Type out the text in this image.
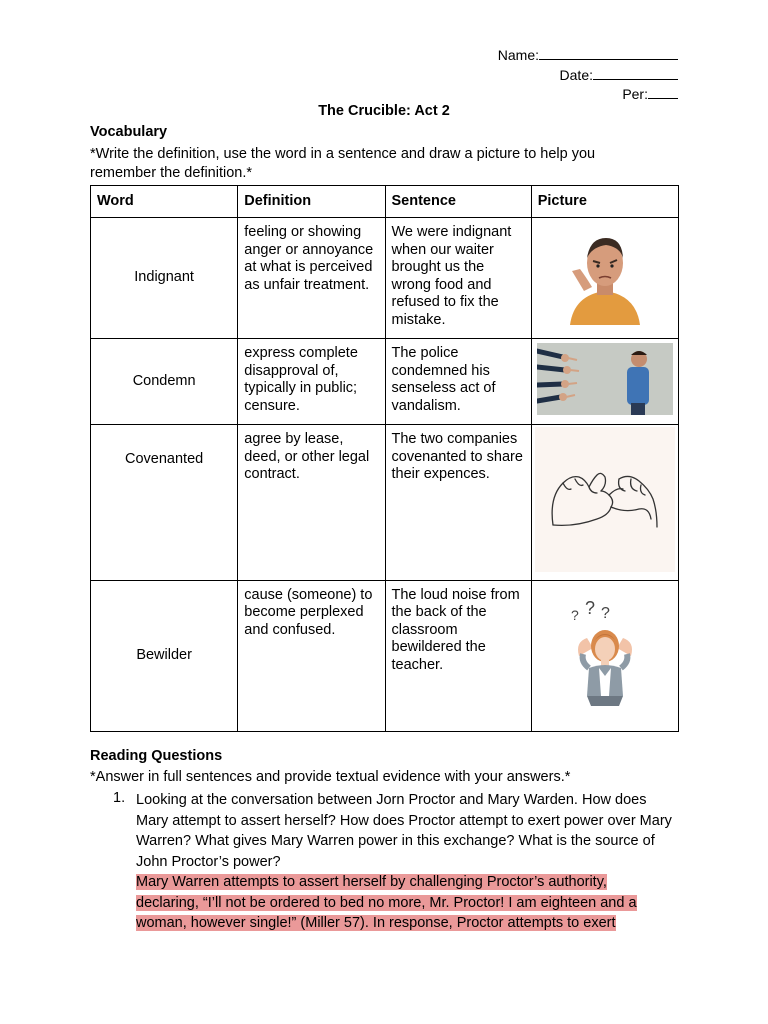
Name:
Date:
Per:
The Crucible: Act 2
Vocabulary
*Write the definition, use the word in a sentence and draw a picture to help you remember the definition.*
Word	Definition	Sentence	Picture
Indignant	feeling or showing anger or annoyance at what is perceived as unfair treatment.	We were indignant when our waiter brought us the wrong food and refused to fix the mistake.	
Condemn	express complete disapproval of, typically in public; censure.	The police condemned his senseless act of vandalism.	
Covenanted	agree by lease, deed, or other legal contract.	The two companies covenanted to share their expences.	
Bewilder	cause (someone) to become perplexed and confused.	The loud noise from the back of the classroom bewildered the teacher.	? ? ?
Reading Questions
*Answer in full sentences and provide textual evidence with your answers.*
1. Looking at the conversation between Jorn Proctor and Mary Warden. How does Mary attempt to assert herself? How does Proctor attempt to exert power over Mary Warren? What gives Mary Warren power in this exchange? What is the source of John Proctor’s power?
Mary Warren attempts to assert herself by challenging Proctor’s authority,
declaring, “I’ll not be ordered to bed no more, Mr. Proctor! I am eighteen and a
woman, however single!” (Miller 57). In response, Proctor attempts to exert
